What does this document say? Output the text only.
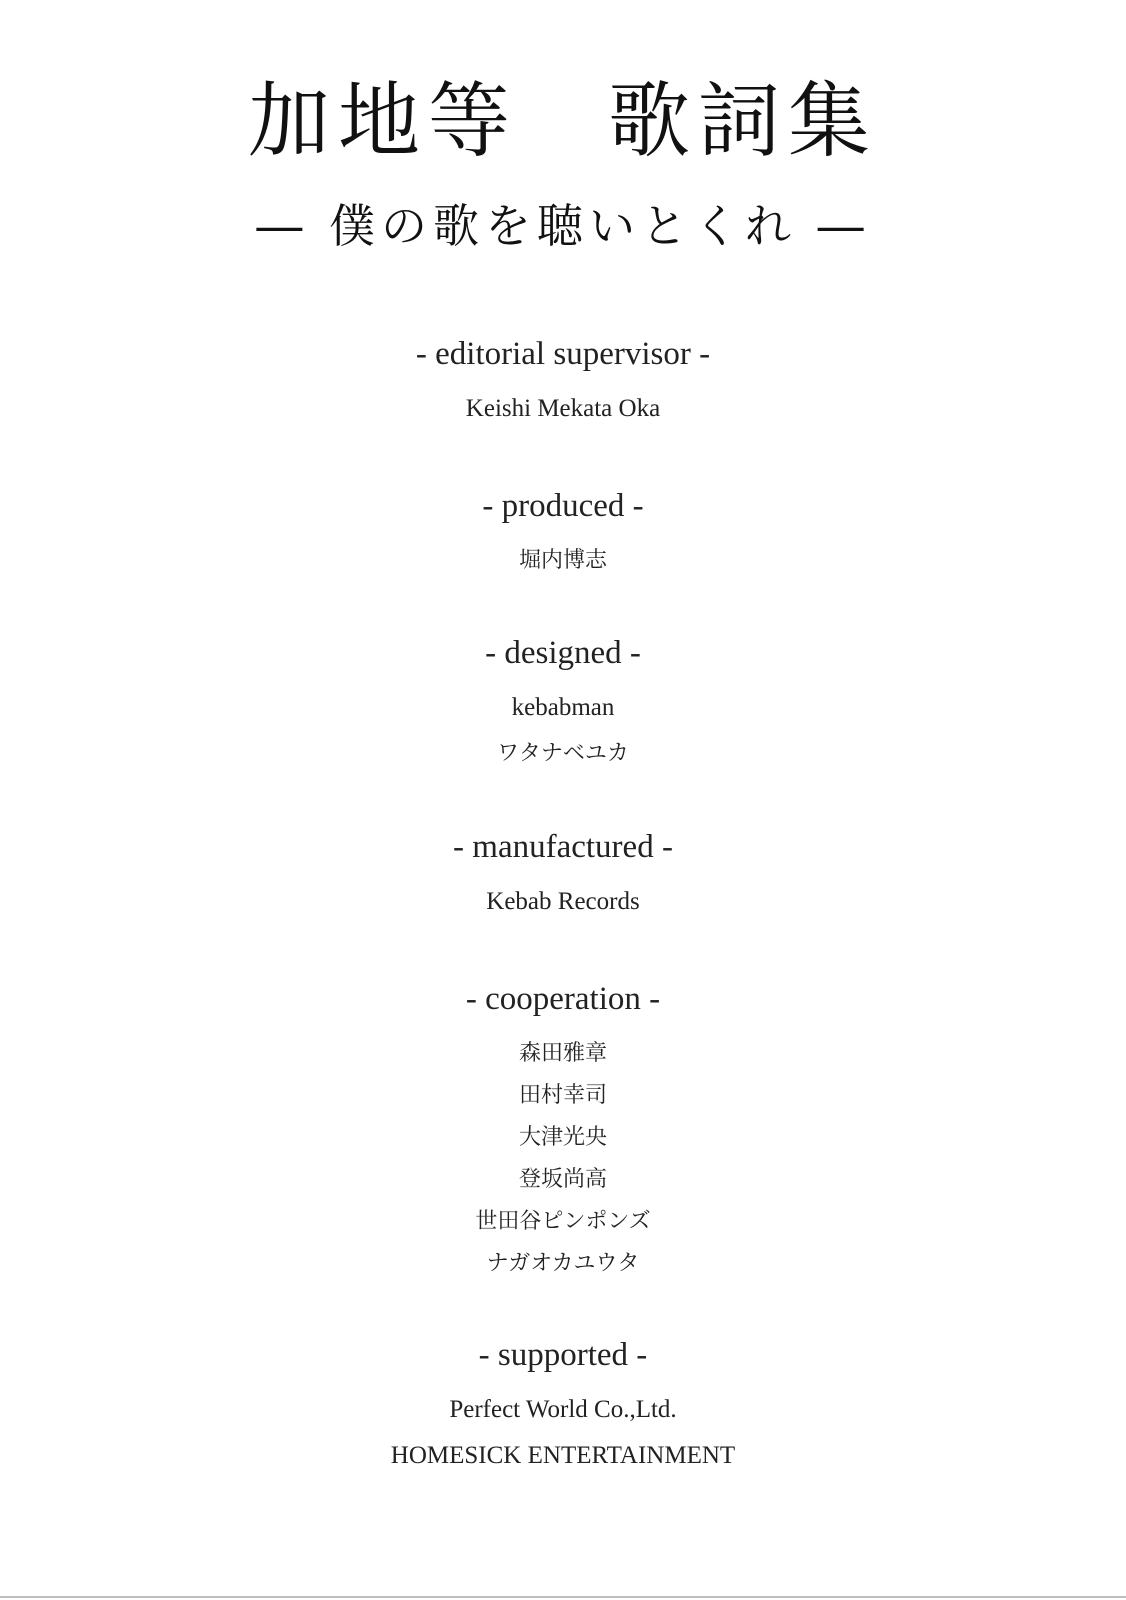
加地等　歌詞集
― 僕の歌を聴いとくれ ―
- editorial supervisor -
Keishi Mekata Oka
- produced -
堀内博志
- designed -
kebabman
ワタナベユカ
- manufactured -
Kebab Records
- cooperation -
森田雅章
田村幸司
大津光央
登坂尚高
世田谷ピンポンズ
ナガオカユウタ
- supported -
Perfect World Co.,Ltd.
HOMESICK ENTERTAINMENT
